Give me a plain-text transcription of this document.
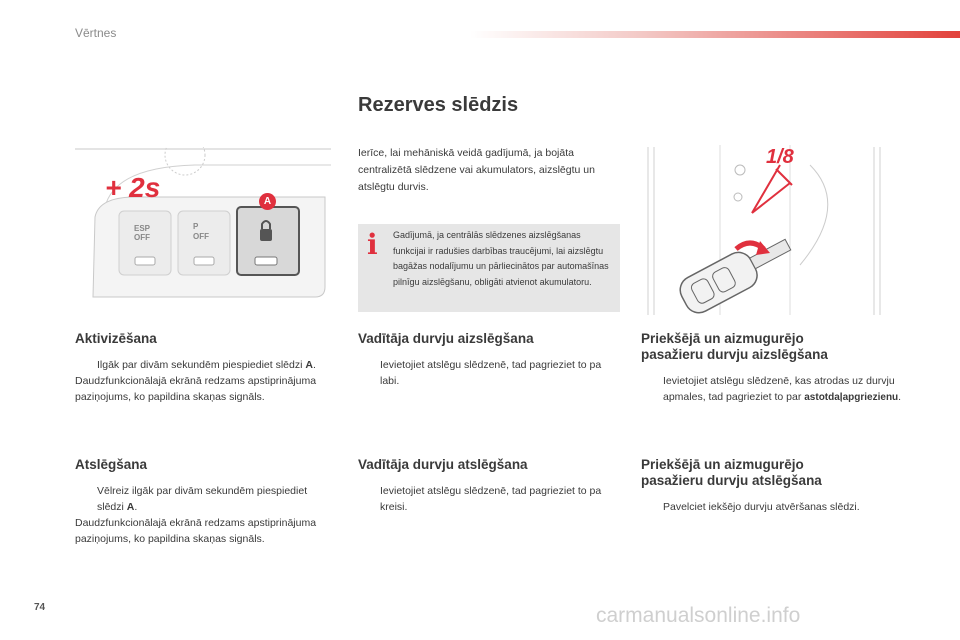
Vērtnes
Rezerves slēdzis
+ 2s	A
ESP
OFF
P
OFF
Ierīce, lai mehāniskā veidā gadījumā, ja bojāta centralizētā slēdzene vai akumulators, aizslēgtu un atslēgtu durvis.
i Gadījumā, ja centrālās slēdzenes aizslēgšanas funkcijai ir radušies darbības traucējumi, lai aizslēgtu bagāžas nodalījumu un pārliecinātos par automašīnas pilnīgu aizslēgšanu, obligāti atvienot akumulatoru.
1/8
Aktivizēšana
Ilgāk par divām sekundēm piespiediet slēdzi A.
Daudzfunkcionālajā ekrānā redzams apstiprinājuma paziņojums, ko papildina skaņas signāls.
Atslēgšana
Vēlreiz ilgāk par divām sekundēm piespiediet slēdzi A.
Daudzfunkcionālajā ekrānā redzams apstiprinājuma paziņojums, ko papildina skaņas signāls.
Vadītāja durvju aizslēgšana
Ievietojiet atslēgu slēdzenē, tad pagrieziet to pa labi.
Vadītāja durvju atslēgšana
Ievietojiet atslēgu slēdzenē, tad pagrieziet to pa kreisi.
Priekšējā un aizmugurējo
pasažieru durvju aizslēgšana
Ievietojiet atslēgu slēdzenē, kas atrodas uz durvju apmales, tad pagrieziet to par astotdaļapgriezienu.
Priekšējā un aizmugurējo
pasažieru durvju atslēgšana
Pavelciet iekšējo durvju atvēršanas slēdzi.
74	carmanualsonline.info
